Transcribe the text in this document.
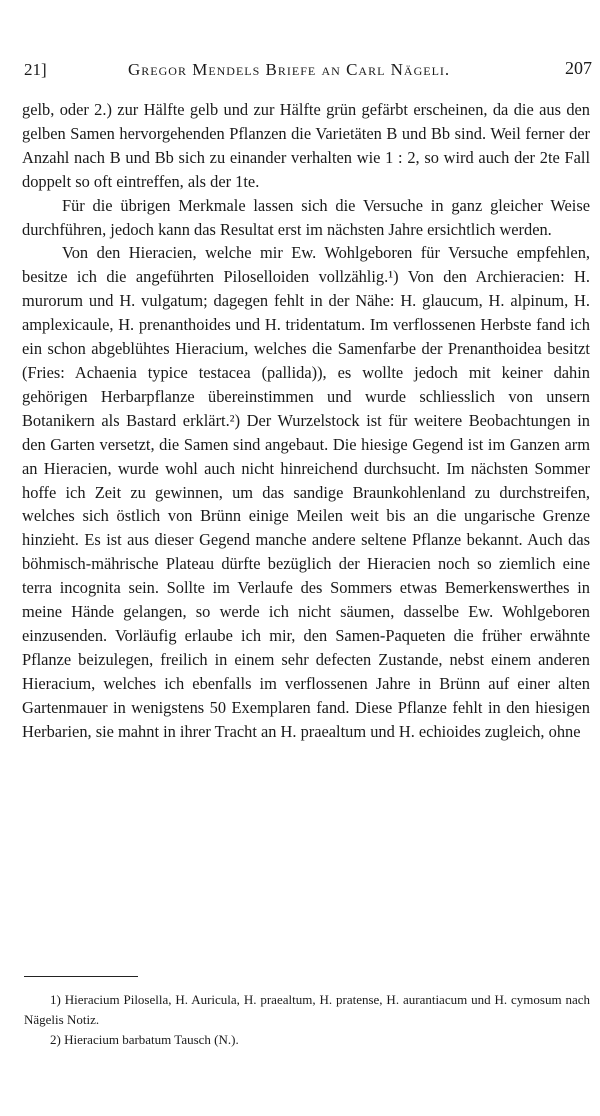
21]	Gregor Mendels Briefe an Carl Nägeli.	207

gelb, oder 2.) zur Hälfte gelb und zur Hälfte grün gefärbt erscheinen, da die aus den gelben Samen hervorgehenden Pflanzen die Varietäten B und Bb sind. Weil ferner der Anzahl nach B und Bb sich zu einander verhalten wie 1 : 2, so wird auch der 2te Fall doppelt so oft eintreffen, als der 1te.

Für die übrigen Merkmale lassen sich die Versuche in ganz gleicher Weise durchführen, jedoch kann das Resultat erst im nächsten Jahre ersichtlich werden.

Von den Hieracien, welche mir Ew. Wohlgeboren für Versuche empfehlen, besitze ich die angeführten Piloselloiden vollzählig.¹) Von den Archieracien: H. murorum und H. vulgatum; dagegen fehlt in der Nähe: H. glaucum, H. alpinum, H. amplexicaule, H. prenanthoides und H. tridentatum. Im verflossenen Herbste fand ich ein schon abgeblühtes Hieracium, welches die Samenfarbe der Prenanthoidea besitzt (Fries: Achaenia typice testacea (pallida)), es wollte jedoch mit keiner dahin gehörigen Herbarpflanze übereinstimmen und wurde schliesslich von unsern Botanikern als Bastard erklärt.²) Der Wurzelstock ist für weitere Beobachtungen in den Garten versetzt, die Samen sind angebaut. Die hiesige Gegend ist im Ganzen arm an Hieracien, wurde wohl auch nicht hinreichend durchsucht. Im nächsten Sommer hoffe ich Zeit zu gewinnen, um das sandige Braunkohlenland zu durchstreifen, welches sich östlich von Brünn einige Meilen weit bis an die ungarische Grenze hinzieht. Es ist aus dieser Gegend manche andere seltene Pflanze bekannt. Auch das böhmisch-mährische Plateau dürfte bezüglich der Hieracien noch so ziemlich eine terra incognita sein. Sollte im Verlaufe des Sommers etwas Bemerkenswerthes in meine Hände gelangen, so werde ich nicht säumen, dasselbe Ew. Wohlgeboren einzusenden. Vorläufig erlaube ich mir, den Samen-Paqueten die früher erwähnte Pflanze beizulegen, freilich in einem sehr defecten Zustande, nebst einem anderen Hieracium, welches ich ebenfalls im verflossenen Jahre in Brünn auf einer alten Gartenmauer in wenigstens 50 Exemplaren fand. Diese Pflanze fehlt in den hiesigen Herbarien, sie mahnt in ihrer Tracht an H. praealtum und H. echioides zugleich, ohne

1) Hieracium Pilosella, H. Auricula, H. praealtum, H. pratense, H. aurantiacum und H. cymosum nach Nägelis Notiz.

2) Hieracium barbatum Tausch (N.).
